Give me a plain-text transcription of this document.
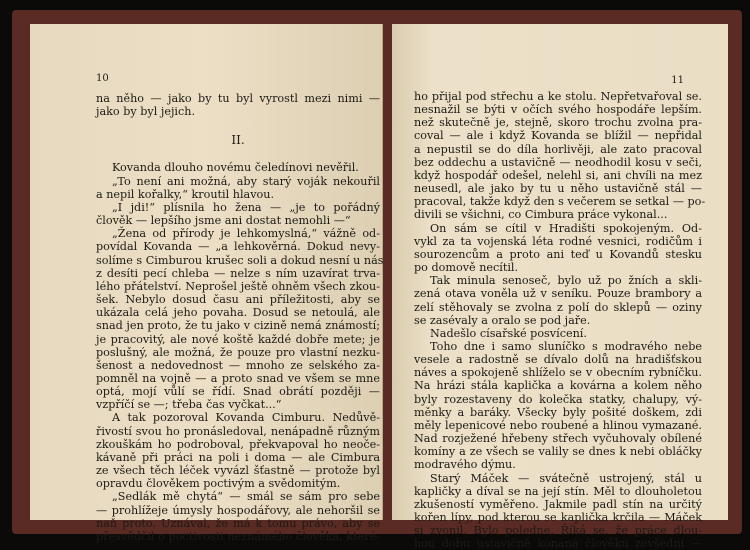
10
na něho — jako by tu byl vyrostl mezi nimi —
jako by byl jejich.
II.
Kovanda dlouho novému čeledínovi nevěřil.
„To není ani možná, aby starý voják nekouřil
a nepil kořalky,“ kroutil hlavou.
„I jdi!“ plísnila ho žena — „je to pořádný
člověk — lepšího jsme ani dostat nemohli —“
„Žena od přírody je lehkomyslná,“ vážně od-
povídal Kovanda — „a lehkověrná. Dokud nevy-
solíme s Cimburou krušec soli a dokud nesní u nás
z desíti pecí chleba — nelze s ním uzavírat trva-
lého přátelství. Neprošel ještě ohněm všech zkou-
šek. Nebylo dosud času ani příležitosti, aby se
ukázala celá jeho povaha. Dosud se netoulá, ale
snad jen proto, že tu jako v cizině nemá známostí;
je pracovitý, ale nové koště každé dobře mete; je
poslušný, ale možná, že pouze pro vlastní nezku-
šenost a nedovednost — mnoho ze selského za-
pomněl na vojně — a proto snad ve všem se mne
optá, mojí vůlí se řídí. Snad obrátí později —
vzpříčí se —; třeba čas vyčkat...“
A tak pozoroval Kovanda Cimburu. Nedůvě-
řivostí svou ho pronásledoval, nenápadně různým
zkouškám ho podroboval, překvapoval ho neoče-
kávaně při práci na poli i doma — ale Cimbura
ze všech těch léček vyvázl šťastně — protože byl
opravdu člověkem poctivým a svědomitým.
„Sedlák mě chytá“ — smál se sám pro sebe
— prohlížeje úmysly hospodářovy, ale nehoršil se
naň proto. Uznával, že má k tomu právo, aby se
přesvědčil o poctivosti neznámého člověka, které-
11
ho přijal pod střechu a ke stolu. Nepřetvařoval se.
nesnažil se býti v očích svého hospodáře lepším.
než skutečně je, stejně, skoro trochu zvolna pra-
coval — ale i když Kovanda se blížil — nepřidal
a nepustil se do díla horlivěji, ale zato pracoval
bez oddechu a ustavičně — neodhodil kosu v seči,
když hospodář odešel, nelehl si, ani chvíli na mez
neusedl, ale jako by tu u něho ustavičně stál —
pracoval, takže když den s večerem se setkal — po-
divili se všichni, co Cimbura práce vykonal...
On sám se cítil v Hradišti spokojeným. Od-
vykl za ta vojenská léta rodné vesnici, rodičům i
sourozencům a proto ani teď u Kovandů stesku
po domově necítil.
Tak minula senoseč, bylo už po žních a skli-
zená otava voněla už v seníku. Pouze brambory a
zelí stěhovaly se zvolna z polí do sklepů — oziny
se zasévaly a oralo se pod jaře.
Nadešlo císařské posvícení.
Toho dne i samo sluníčko s modravého nebe
vesele a radostně se dívalo dolů na hradišťskou
náves a spokojeně shlíželo se v obecním rybníčku.
Na hrázi stála kaplička a kovárna a kolem něho
byly rozestaveny do kolečka statky, chalupy, vý-
měnky a baráky. Všecky byly pošité doškem, zdi
měly lepenicové nebo roubené a hlinou vymazané.
Nad rozježené hřebeny střech vyčuhovaly obílené
komíny a ze všech se valily se dnes k nebi obláčky
modravého dýmu.
Starý Máček — svátečně ustrojený, stál u
kapličky a díval se na její stín. Měl to dlouholetou
zkušeností vyměřeno. Jakmile padl stín na určitý
kořen lípy, pod kterou se kaplička krčila — Máček
si zvonil. Bylo poledne. Říká se, že práce dlou-
hou dobu ustavičně konaná člověku zevšední —
